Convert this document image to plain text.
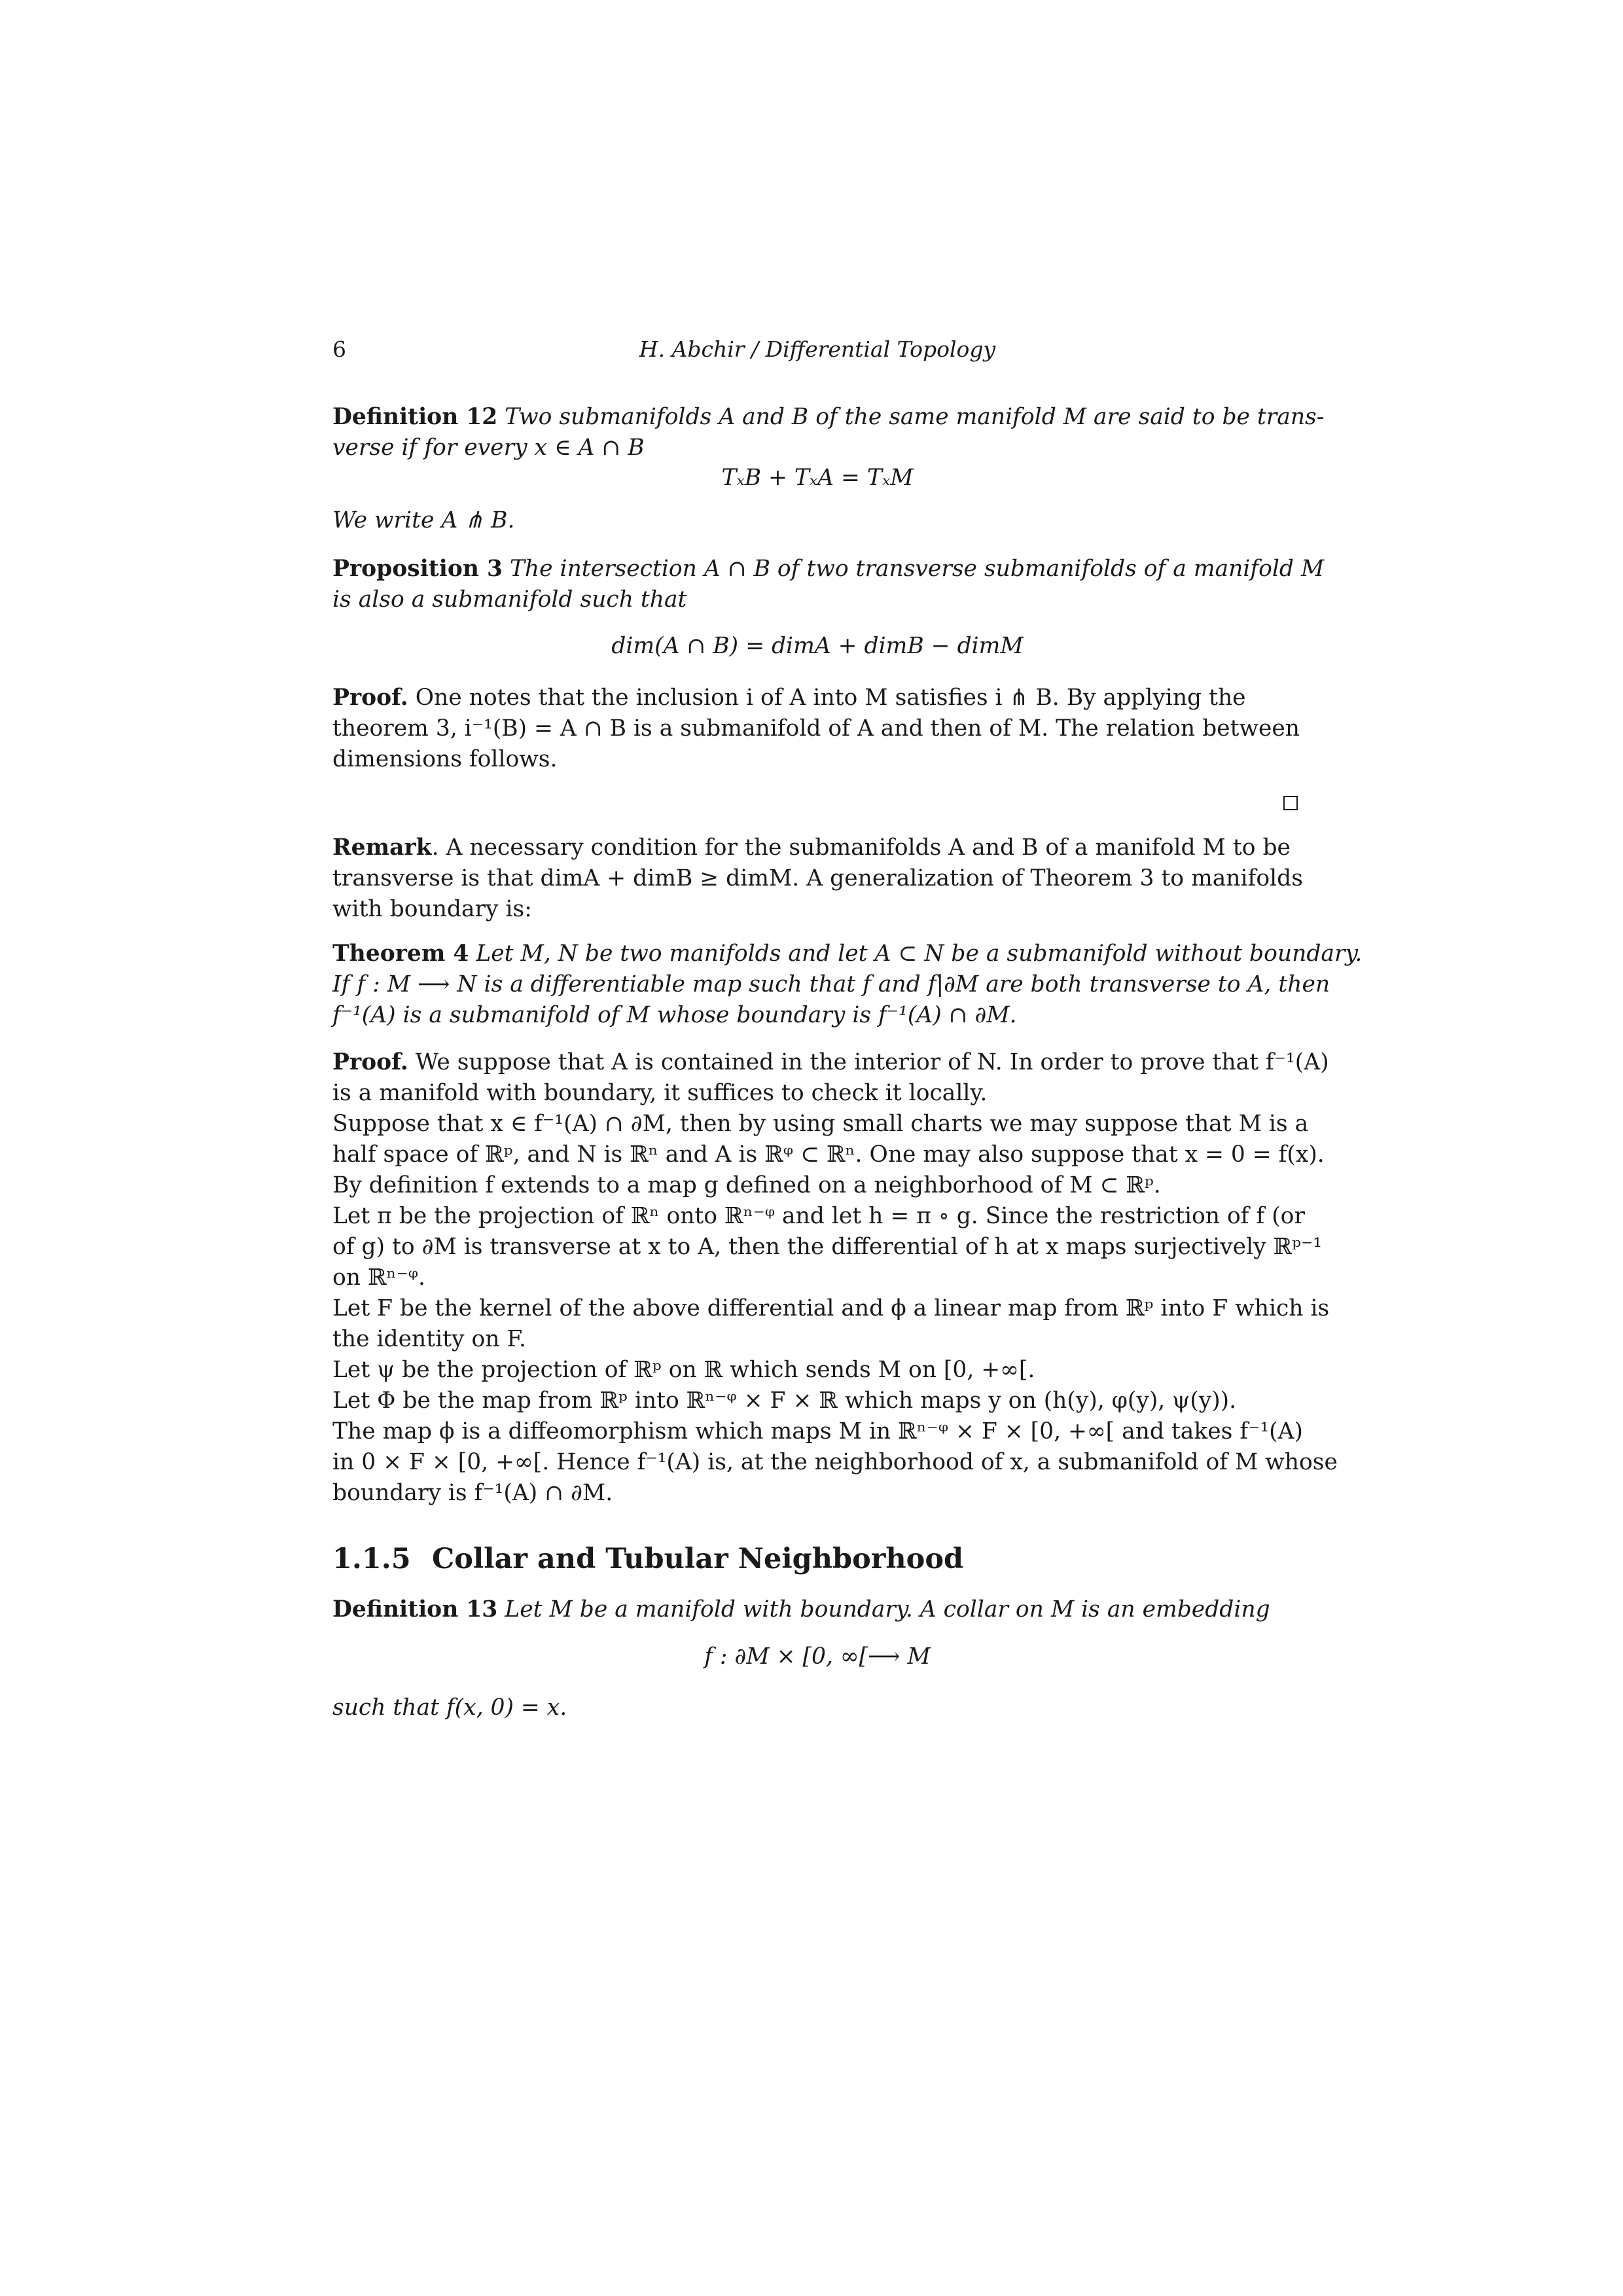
6	H. Abchir / Differential Topology
Definition 12 Two submanifolds A and B of the same manifold M are said to be trans-
verse if for every x ∈ A ∩ B
TₓB + TₓA = TₓM
We write A ⋔ B.
Proposition 3 The intersection A ∩ B of two transverse submanifolds of a manifold M
is also a submanifold such that
dim(A ∩ B) = dimA + dimB − dimM
Proof. One notes that the inclusion i of A into M satisfies i ⋔ B. By applying the
theorem 3, i⁻¹(B) = A ∩ B is a submanifold of A and then of M. The relation between
dimensions follows.
Remark. A necessary condition for the submanifolds A and B of a manifold M to be
transverse is that dimA + dimB ≥ dimM. A generalization of Theorem 3 to manifolds
with boundary is:
Theorem 4 Let M, N be two manifolds and let A ⊂ N be a submanifold without boundary.
If f : M ⟶ N is a differentiable map such that f and f|∂M are both transverse to A, then
f⁻¹(A) is a submanifold of M whose boundary is f⁻¹(A) ∩ ∂M.
Proof. We suppose that A is contained in the interior of N. In order to prove that f⁻¹(A)
is a manifold with boundary, it suffices to check it locally.
Suppose that x ∈ f⁻¹(A) ∩ ∂M, then by using small charts we may suppose that M is a
half space of ℝᵖ, and N is ℝⁿ and A is ℝᵠ ⊂ ℝⁿ. One may also suppose that x = 0 = f(x).
By definition f extends to a map g defined on a neighborhood of M ⊂ ℝᵖ.
Let π be the projection of ℝⁿ onto ℝⁿ⁻ᵠ and let h = π ∘ g. Since the restriction of f (or
of g) to ∂M is transverse at x to A, then the differential of h at x maps surjectively ℝᵖ⁻¹
on ℝⁿ⁻ᵠ.
Let F be the kernel of the above differential and ϕ a linear map from ℝᵖ into F which is
the identity on F.
Let ψ be the projection of ℝᵖ on ℝ which sends M on [0, +∞[.
Let Φ be the map from ℝᵖ into ℝⁿ⁻ᵠ × F × ℝ which maps y on (h(y), φ(y), ψ(y)).
The map ϕ is a diffeomorphism which maps M in ℝⁿ⁻ᵠ × F × [0, +∞[ and takes f⁻¹(A)
in 0 × F × [0, +∞[. Hence f⁻¹(A) is, at the neighborhood of x, a submanifold of M whose
boundary is f⁻¹(A) ∩ ∂M.
1.1.5 Collar and Tubular Neighborhood
Definition 13 Let M be a manifold with boundary. A collar on M is an embedding
f : ∂M × [0, ∞[⟶ M
such that f(x, 0) = x.
